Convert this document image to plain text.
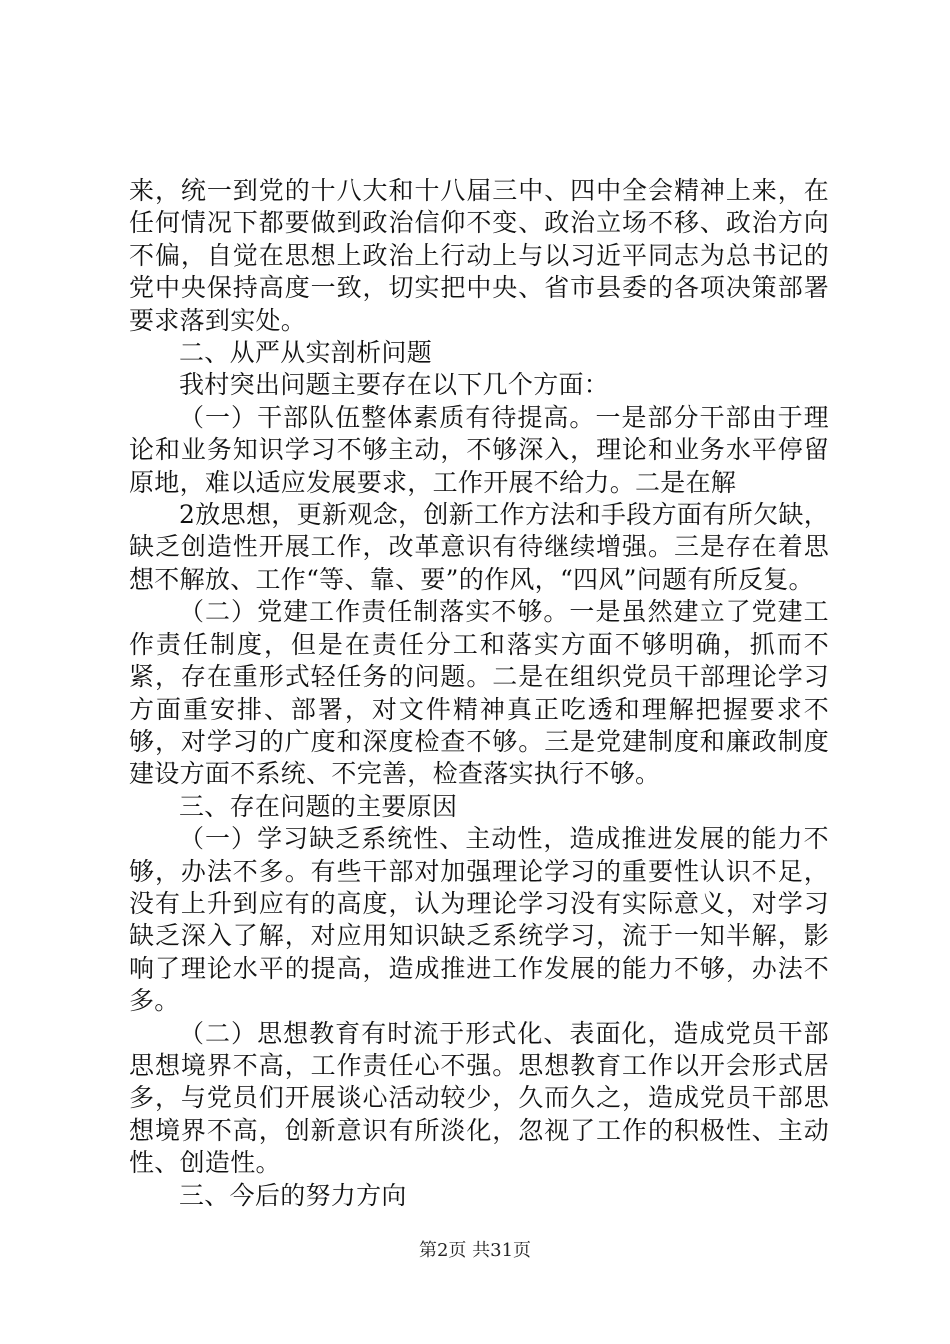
来，统一到党的十八大和十八届三中、四中全会精神上来，在任何情况下都要做到政治信仰不变、政治立场不移、政治方向不偏，自觉在思想上政治上行动上与以习近平同志为总书记的党中央保持高度一致，切实把中央、省市县委的各项决策部署要求落到实处。

二、从严从实剖析问题

我村突出问题主要存在以下几个方面：

（一）干部队伍整体素质有待提高。一是部分干部由于理论和业务知识学习不够主动，不够深入，理论和业务水平停留原地，难以适应发展要求，工作开展不给力。二是在解

2放思想，更新观念，创新工作方法和手段方面有所欠缺，缺乏创造性开展工作，改革意识有待继续增强。三是存在着思想不解放、工作“等、靠、要”的作风，“四风”问题有所反复。

（二）党建工作责任制落实不够。一是虽然建立了党建工作责任制度，但是在责任分工和落实方面不够明确，抓而不紧，存在重形式轻任务的问题。二是在组织党员干部理论学习方面重安排、部署，对文件精神真正吃透和理解把握要求不够，对学习的广度和深度检查不够。三是党建制度和廉政制度建设方面不系统、不完善，检查落实执行不够。

三、存在问题的主要原因

（一）学习缺乏系统性、主动性，造成推进发展的能力不够，办法不多。有些干部对加强理论学习的重要性认识不足，没有上升到应有的高度，认为理论学习没有实际意义，对学习缺乏深入了解，对应用知识缺乏系统学习，流于一知半解，影响了理论水平的提高，造成推进工作发展的能力不够，办法不多。

（二）思想教育有时流于形式化、表面化，造成党员干部思想境界不高，工作责任心不强。思想教育工作以开会形式居多，与党员们开展谈心活动较少，久而久之，造成党员干部思想境界不高，创新意识有所淡化，忽视了工作的积极性、主动性、创造性。

三、今后的努力方向

第2页 共31页
